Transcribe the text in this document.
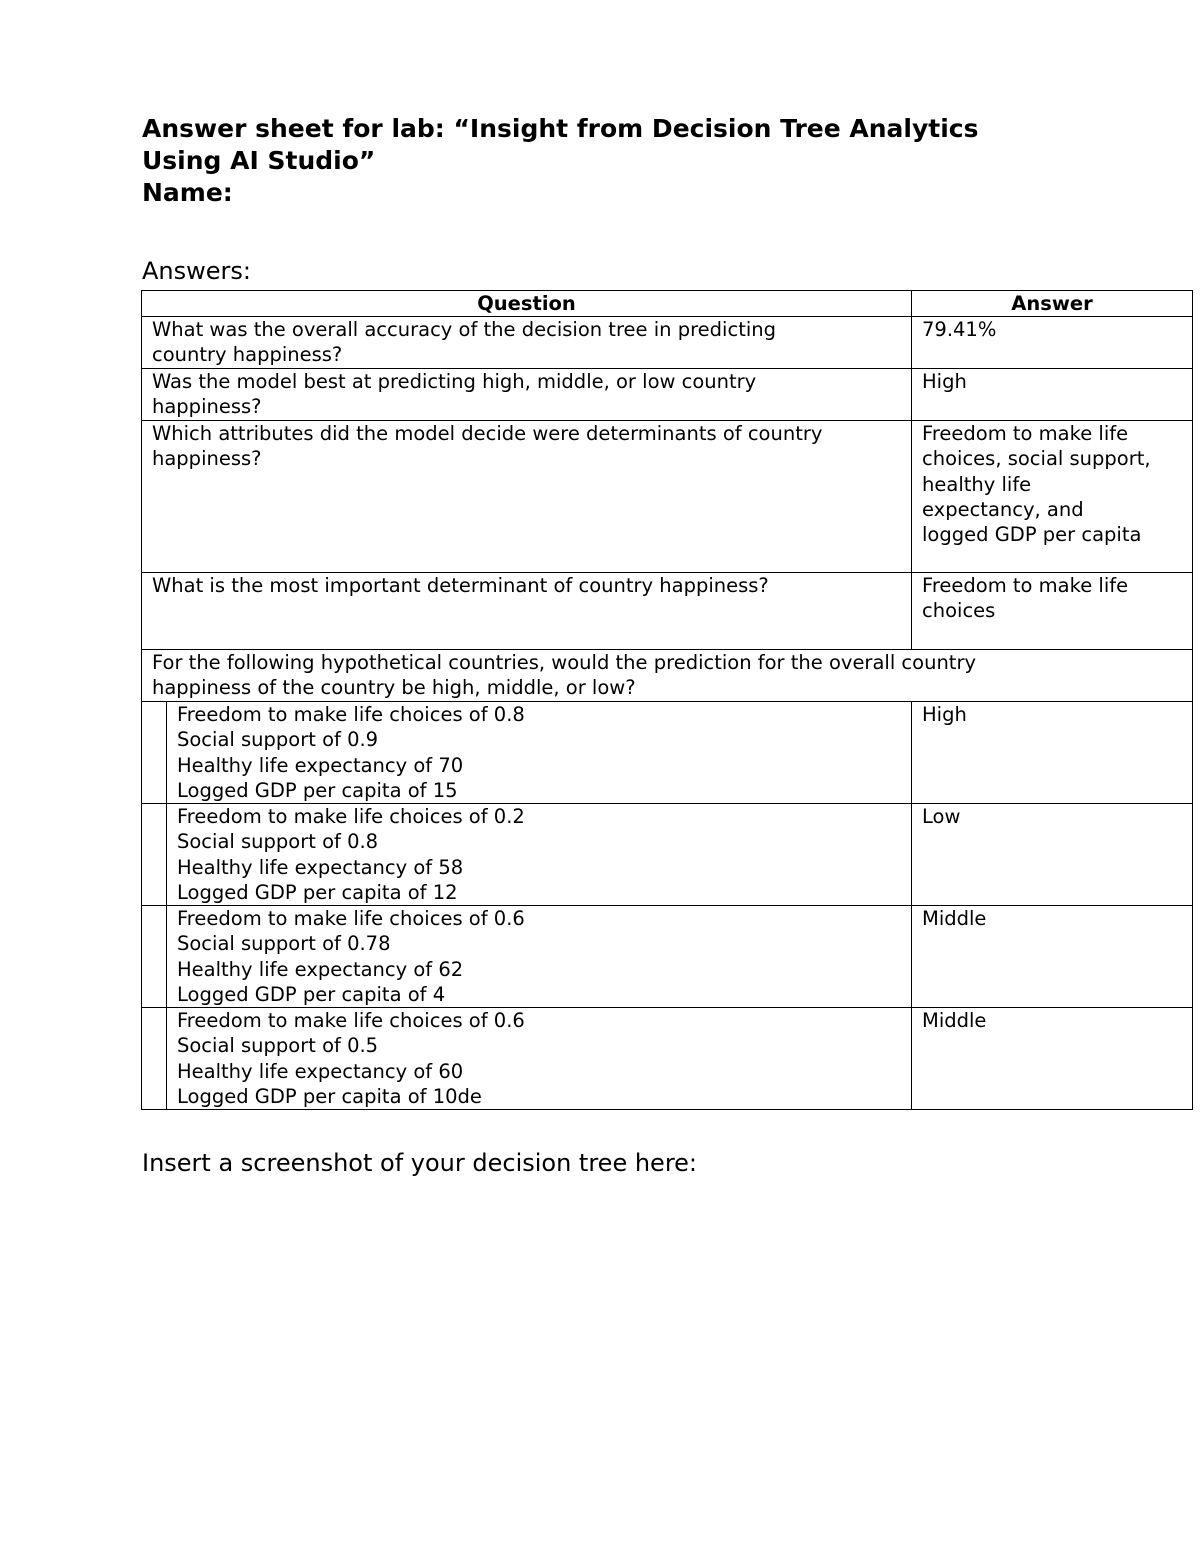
Answer sheet for lab: “Insight from Decision Tree Analytics
Using AI Studio”
Name:
Answers:
Question		Answer

What was the overall accuracy of the decision tree in predicting
country happiness?		79.41%

Was the model best at predicting high, middle, or low country
happiness?		High

Which attributes did the model decide were determinants of country
happiness?		Freedom to make life
choices, social support,
healthy life
expectancy, and
logged GDP per capita

What is the most important determinant of country happiness?		Freedom to make life
choices

For the following hypothetical countries, would the prediction for the overall country
happiness of the country be high, middle, or low?		

	Freedom to make life choices of 0.8
Social support of 0.9
Healthy life expectancy of 70
Logged GDP per capita of 15	High

	Freedom to make life choices of 0.2
Social support of 0.8
Healthy life expectancy of 58
Logged GDP per capita of 12	Low

	Freedom to make life choices of 0.6
Social support of 0.78
Healthy life expectancy of 62
Logged GDP per capita of 4	Middle

	Freedom to make life choices of 0.6
Social support of 0.5
Healthy life expectancy of 60
Logged GDP per capita of 10de	Middle
Insert a screenshot of your decision tree here:
